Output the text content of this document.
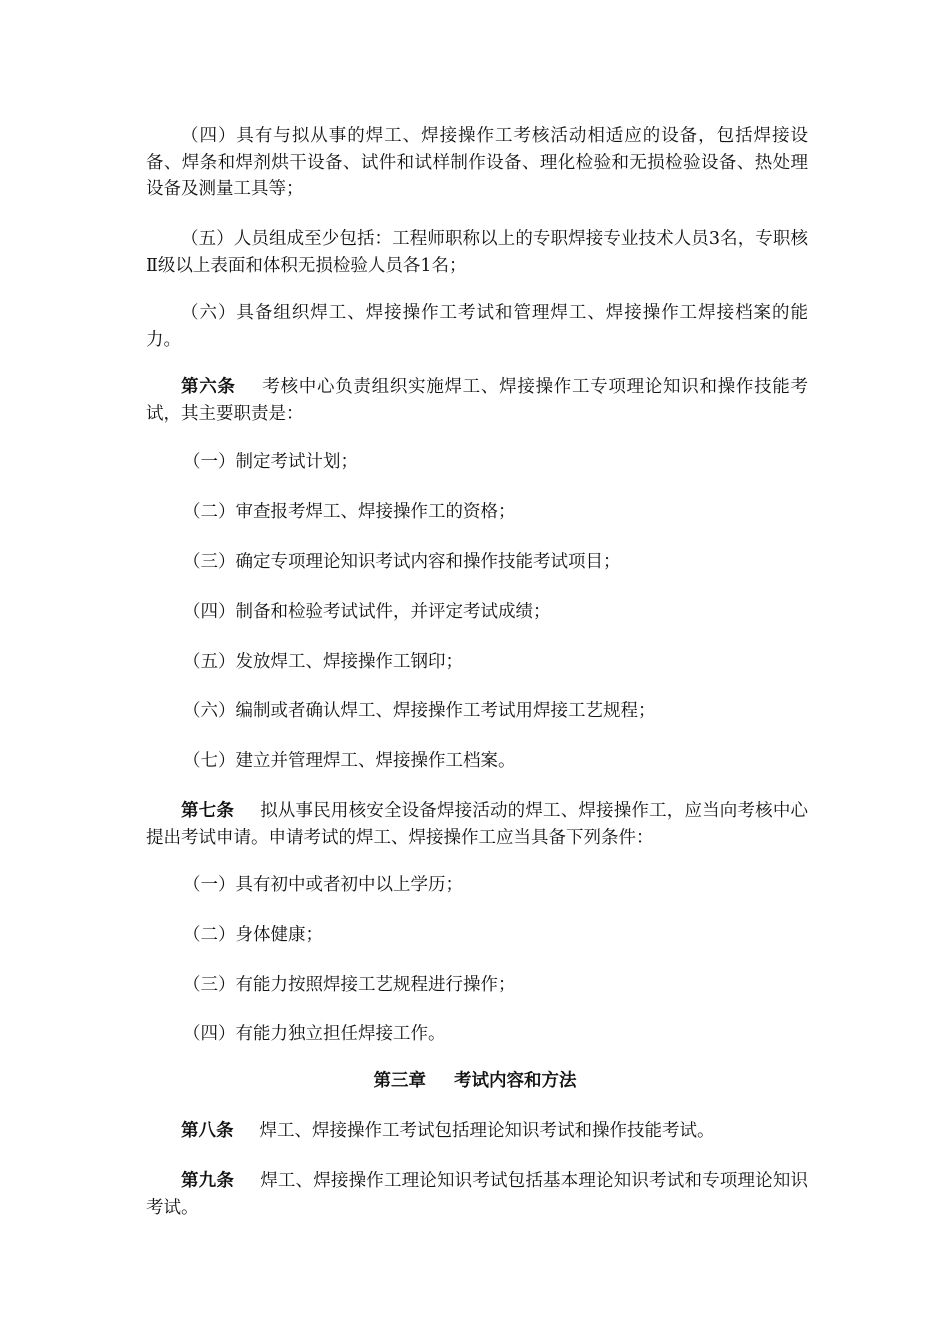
（四）具有与拟从事的焊工、焊接操作工考核活动相适应的设备，包括焊接设备、焊条和焊剂烘干设备、试件和试样制作设备、理化检验和无损检验设备、热处理设备及测量工具等；

（五）人员组成至少包括：工程师职称以上的专职焊接专业技术人员3名，专职核Ⅱ级以上表面和体积无损检验人员各1名；

（六）具备组织焊工、焊接操作工考试和管理焊工、焊接操作工焊接档案的能力。

第六条 考核中心负责组织实施焊工、焊接操作工专项理论知识和操作技能考试，其主要职责是：

（一）制定考试计划；

（二）审查报考焊工、焊接操作工的资格；

（三）确定专项理论知识考试内容和操作技能考试项目；

（四）制备和检验考试试件，并评定考试成绩；

（五）发放焊工、焊接操作工钢印；

（六）编制或者确认焊工、焊接操作工考试用焊接工艺规程；

（七）建立并管理焊工、焊接操作工档案。

第七条 拟从事民用核安全设备焊接活动的焊工、焊接操作工，应当向考核中心提出考试申请。申请考试的焊工、焊接操作工应当具备下列条件：

（一）具有初中或者初中以上学历；

（二）身体健康；

（三）有能力按照焊接工艺规程进行操作；

（四）有能力独立担任焊接工作。

第三章 考试内容和方法

第八条 焊工、焊接操作工考试包括理论知识考试和操作技能考试。

第九条 焊工、焊接操作工理论知识考试包括基本理论知识考试和专项理论知识考试。
